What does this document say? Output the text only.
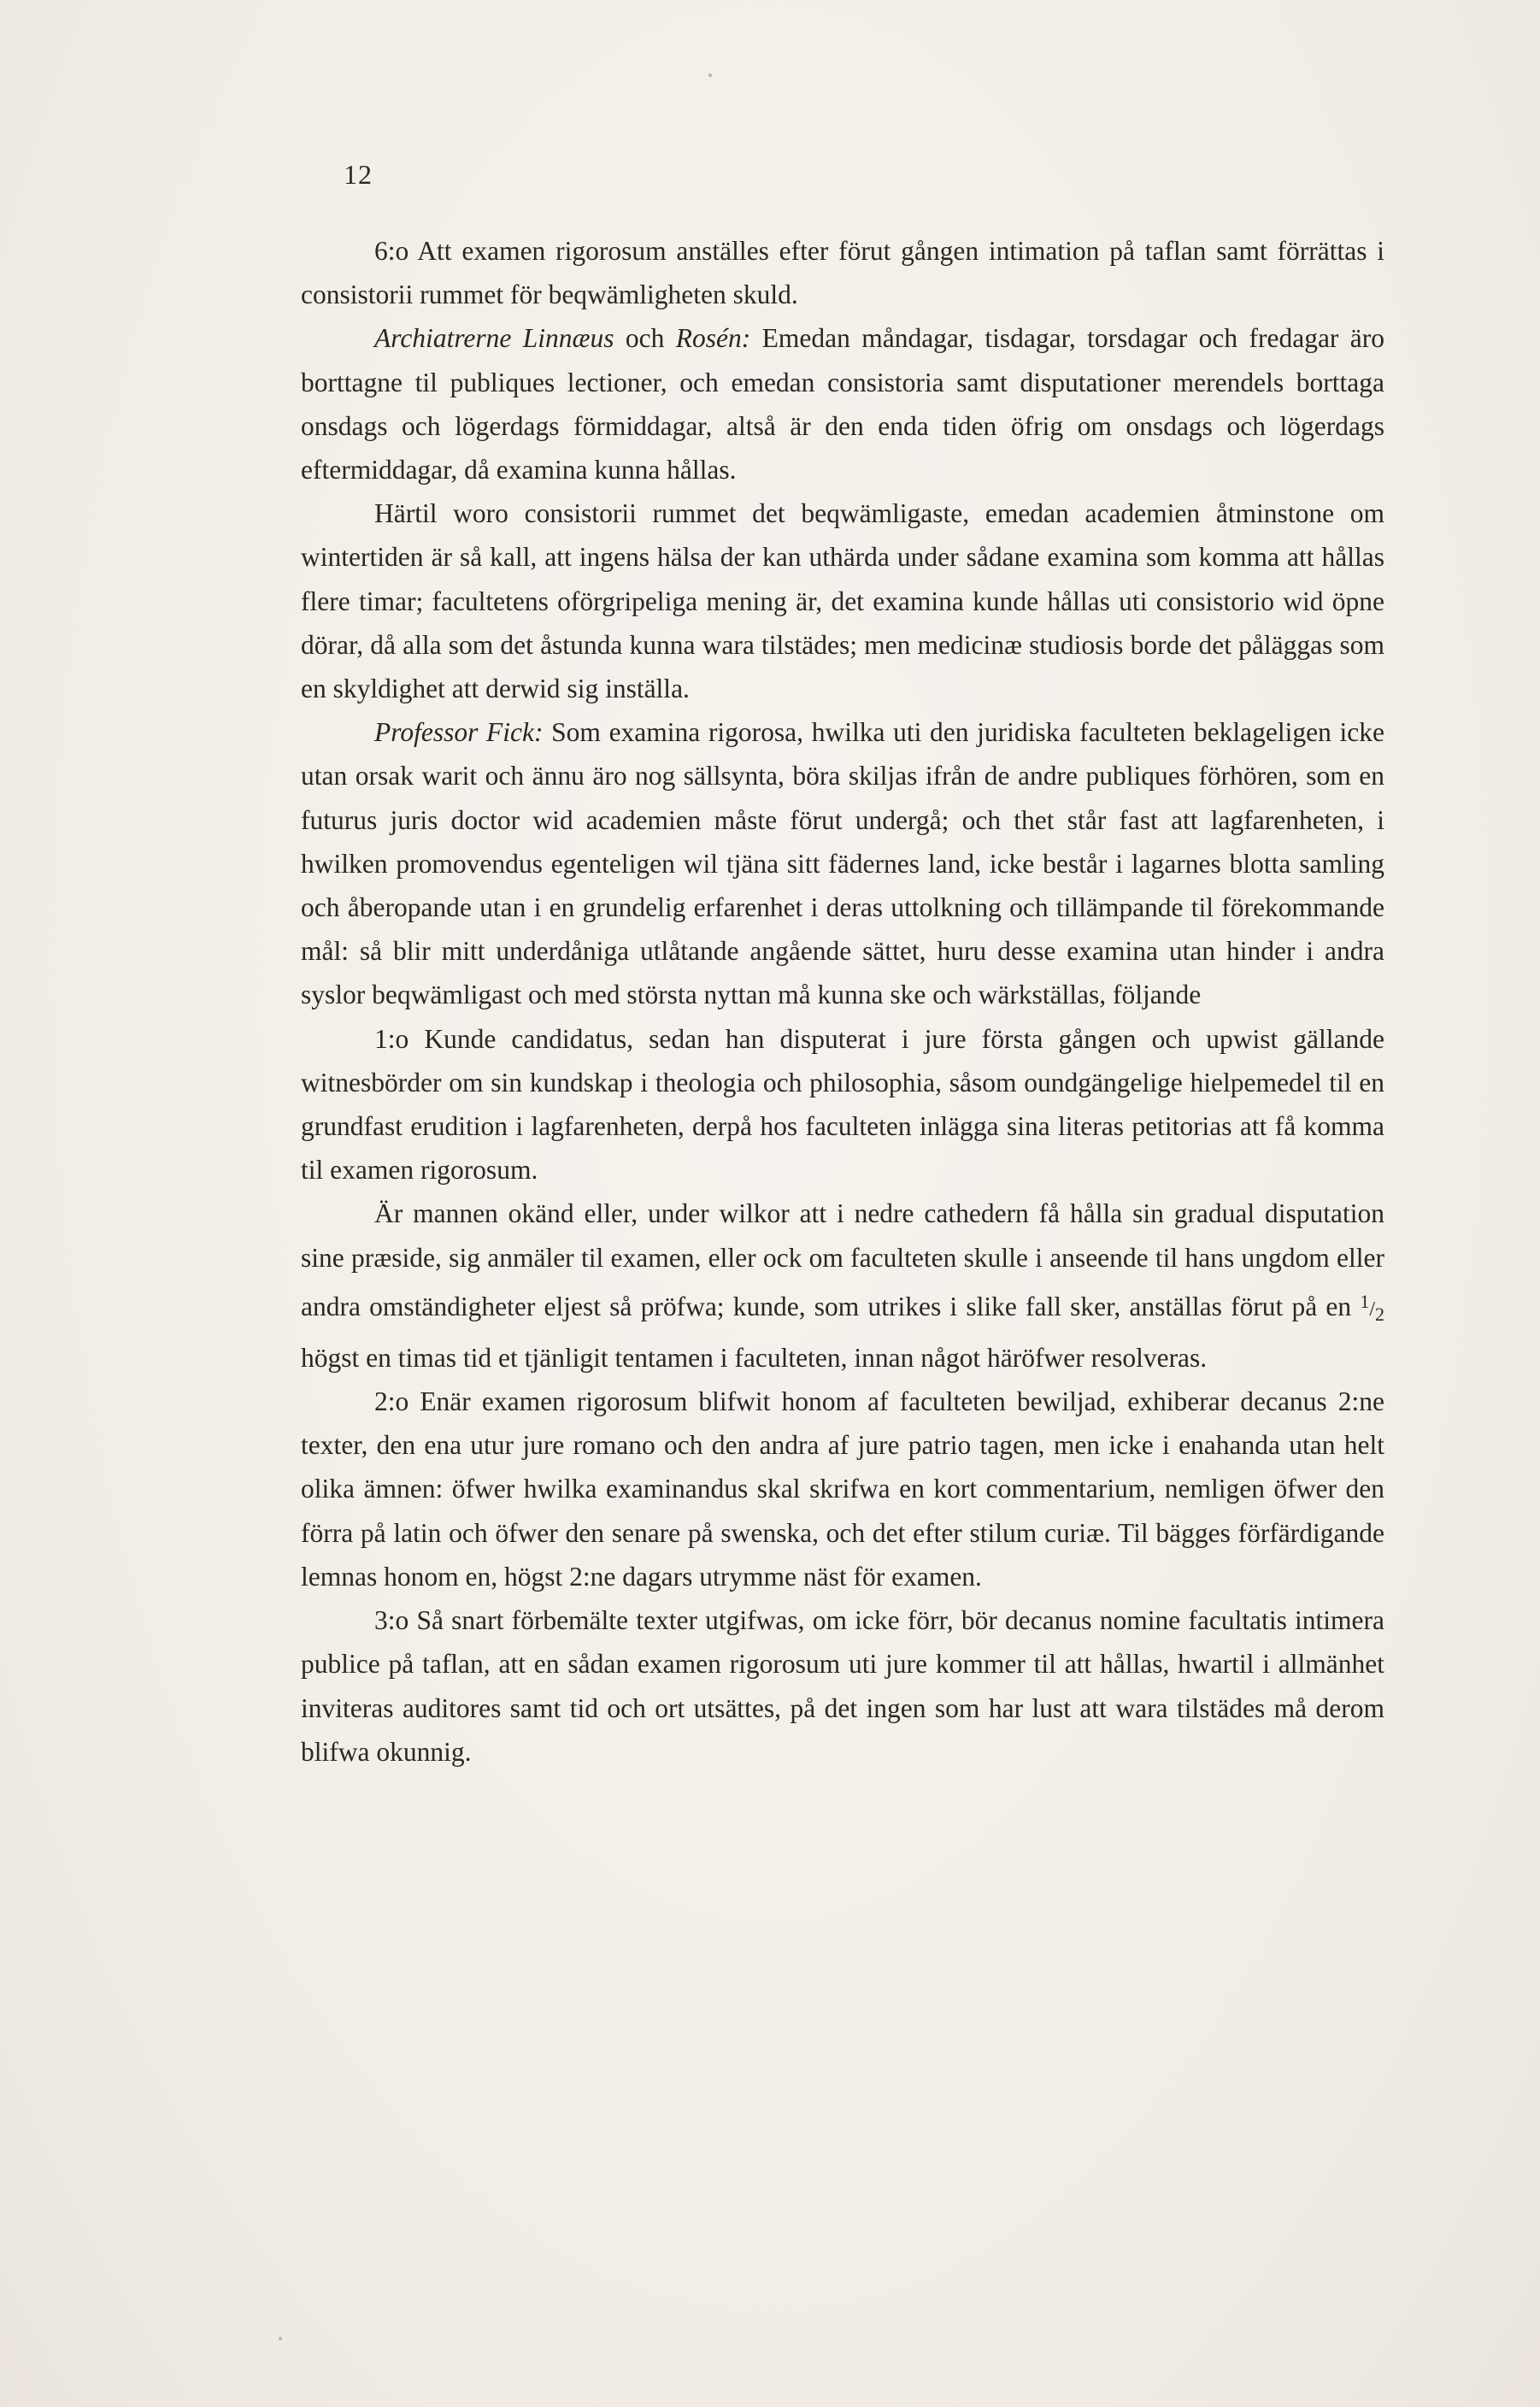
12

6:o Att examen rigorosum anställes efter förut gången intimation på taflan samt förrättas i consistorii rummet för beqwämligheten skuld.

Archiatrerne Linnæus och Rosén: Emedan måndagar, tisdagar, torsdagar och fredagar äro borttagne til publiques lectioner, och emedan consistoria samt disputationer merendels borttaga onsdags och lögerdags förmiddagar, altså är den enda tiden öfrig om onsdags och lögerdags eftermiddagar, då examina kunna hållas.

Härtil woro consistorii rummet det beqwämligaste, emedan academien åtminstone om wintertiden är så kall, att ingens hälsa der kan uthärda under sådane examina som komma att hållas flere timar; facultetens oförgripeliga mening är, det examina kunde hållas uti consistorio wid öpne dörar, då alla som det åstunda kunna wara tilstädes; men medicinæ studiosis borde det påläggas som en skyldighet att derwid sig inställa.

Professor Fick: Som examina rigorosa, hwilka uti den juridiska faculteten beklageligen icke utan orsak warit och ännu äro nog sällsynta, böra skiljas ifrån de andre publiques förhören, som en futurus juris doctor wid academien måste förut undergå; och thet står fast att lagfarenheten, i hwilken promovendus egenteligen wil tjäna sitt fädernes land, icke består i lagarnes blotta samling och åberopande utan i en grundelig erfarenhet i deras uttolkning och tillämpande til förekommande mål: så blir mitt underdåniga utlåtande angående sättet, huru desse examina utan hinder i andra syslor beqwämligast och med största nyttan må kunna ske och wärkställas, följande

1:o Kunde candidatus, sedan han disputerat i jure första gången och upwist gällande witnesbörder om sin kundskap i theologia och philosophia, såsom oundgängelige hielpemedel til en grundfast erudition i lagfarenheten, derpå hos faculteten inlägga sina literas petitorias att få komma til examen rigorosum.

Är mannen okänd eller, under wilkor att i nedre cathedern få hålla sin gradual disputation sine præside, sig anmäler til examen, eller ock om faculteten skulle i anseende til hans ungdom eller andra omständigheter eljest så pröfwa; kunde, som utrikes i slike fall sker, anställas förut på en $^1/_2$ högst en timas tid et tjänligit tentamen i faculteten, innan något häröfwer resolveras.

2:o Enär examen rigorosum blifwit honom af faculteten bewiljad, exhiberar decanus 2:ne texter, den ena utur jure romano och den andra af jure patrio tagen, men icke i enahanda utan helt olika ämnen: öfwer hwilka examinandus skal skrifwa en kort commentarium, nemligen öfwer den förra på latin och öfwer den senare på swenska, och det efter stilum curiæ. Til bägges förfärdigande lemnas honom en, högst 2:ne dagars utrymme näst för examen.

3:o Så snart förbemälte texter utgifwas, om icke förr, bör decanus nomine facultatis intimera publice på taflan, att en sådan examen rigorosum uti jure kommer til att hållas, hwartil i allmänhet inviteras auditores samt tid och ort utsättes, på det ingen som har lust att wara tilstädes må derom blifwa okunnig.
